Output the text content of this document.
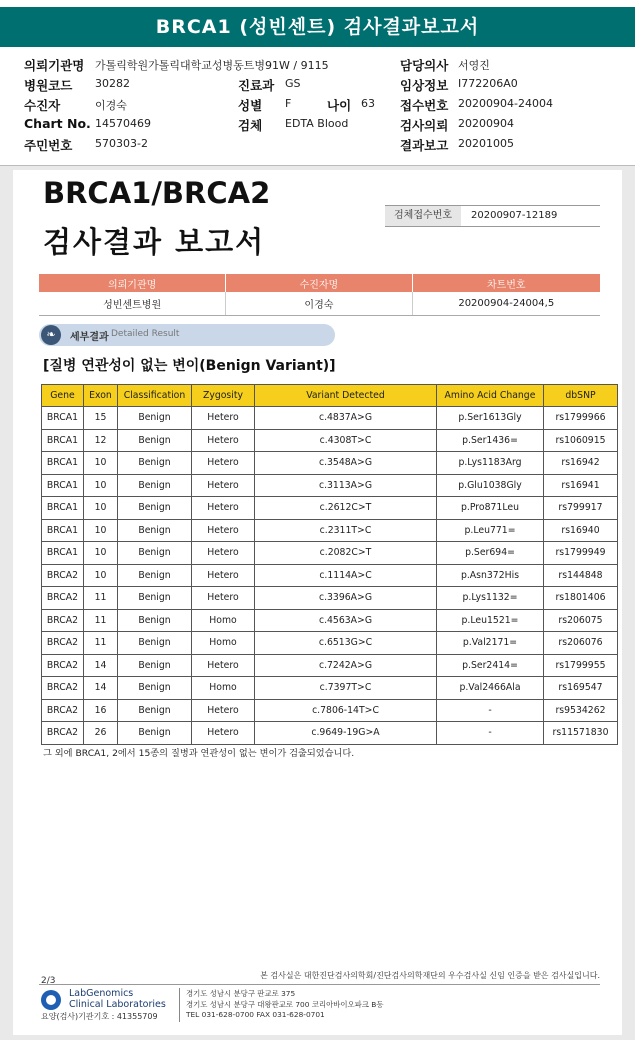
BRCA1 (성빈센트) 검사결과보고서
의뢰기관명 가톨릭학원가톨릭대학교성병동트병91W / 9115	담당의사 서영진
병원코드 30282	진료과 GS	임상정보 I772206A0
수진자	이경숙	성별 F	나이 63 접수번호 20200904-24004
Chart No. 14570469	검체 EDTA Blood	검사의뢰 20200904
주민번호 570303-2	결과보고 20201005
BRCA1/BRCA2
검사결과 보고서
검체접수번호	20200907-12189
의뢰기관명	수진자명	차트번호
성빈센트병원	이경숙	20200904-24004,5
❧	세부결과 Detailed Result
[질병 연관성이 없는 변이(Benign Variant)]
Gene	Exon	Classification	Zygosity	Variant Detected	Amino Acid Change	dbSNP
BRCA1	15	Benign	Hetero	c.4837A>G	p.Ser1613Gly	rs1799966
BRCA1	12	Benign	Hetero	c.4308T>C	p.Ser1436=	rs1060915
BRCA1	10	Benign	Hetero	c.3548A>G	p.Lys1183Arg	rs16942
BRCA1	10	Benign	Hetero	c.3113A>G	p.Glu1038Gly	rs16941
BRCA1	10	Benign	Hetero	c.2612C>T	p.Pro871Leu	rs799917
BRCA1	10	Benign	Hetero	c.2311T>C	p.Leu771=	rs16940
BRCA1	10	Benign	Hetero	c.2082C>T	p.Ser694=	rs1799949
BRCA2	10	Benign	Hetero	c.1114A>C	p.Asn372His	rs144848
BRCA2	11	Benign	Hetero	c.3396A>G	p.Lys1132=	rs1801406
BRCA2	11	Benign	Homo	c.4563A>G	p.Leu1521=	rs206075
BRCA2	11	Benign	Homo	c.6513G>C	p.Val2171=	rs206076
BRCA2	14	Benign	Hetero	c.7242A>G	p.Ser2414=	rs1799955
BRCA2	14	Benign	Homo	c.7397T>C	p.Val2466Ala	rs169547
BRCA2	16	Benign	Hetero	c.7806-14T>C	-	rs9534262
BRCA2	26	Benign	Hetero	c.9649-19G>A	-	rs11571830
그 외에 BRCA1, 2에서 15종의 질병과 연관성이 없는 변이가 검출되었습니다.
본 검사실은 대한진단검사의학회/진단검사의학재단의 우수검사실 신임 인증을 받은 검사실입니다.
2/3
LabGenomics
Clinical Laboratories
요양(검사)기관기호 : 41355709
경기도 성남시 분당구 판교로 375
경기도 성남시 분당구 대왕판교로 700 코리아바이오파크 B동
TEL 031-628-0700 FAX 031-628-0701
